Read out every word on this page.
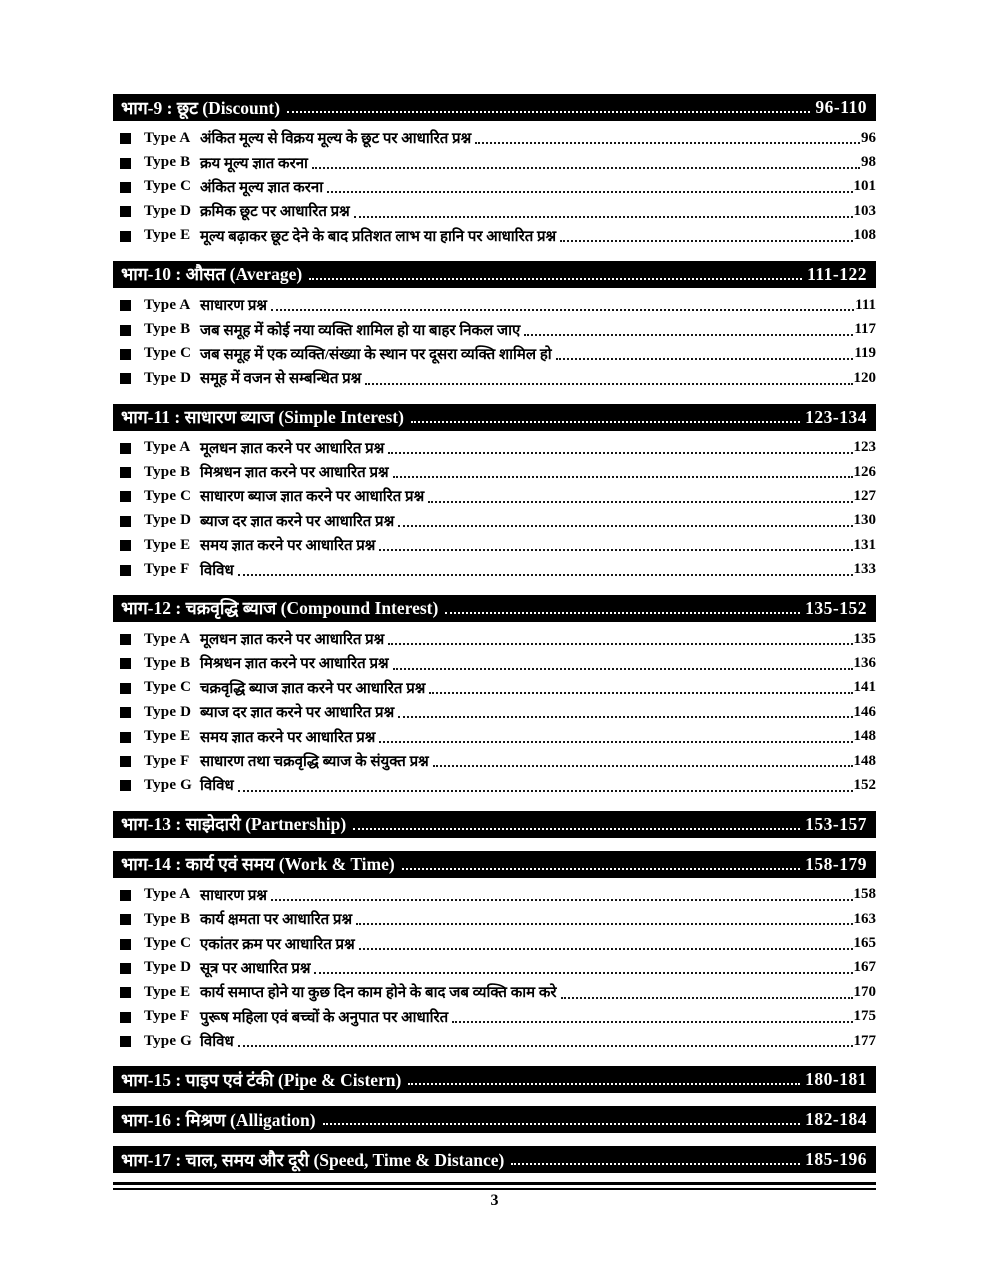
भाग-9 : छूट (Discount)	96-110
Type A अंकित मूल्य से विक्रय मूल्य के छूट पर आधारित प्रश्न	96
Type B क्रय मूल्य ज्ञात करना	98
Type C अंकित मूल्य ज्ञात करना	101
Type D क्रमिक छूट पर आधारित प्रश्न	103
Type E मूल्य बढ़ाकर छूट देने के बाद प्रतिशत लाभ या हानि पर आधारित प्रश्न	108
भाग-10 : औसत (Average)	111-122
Type A साधारण प्रश्न	111
Type B जब समूह में कोई नया व्यक्ति शामिल हो या बाहर निकल जाए	117
Type C जब समूह में एक व्यक्ति/संख्या के स्थान पर दूसरा व्यक्ति शामिल हो	119
Type D समूह में वजन से सम्बन्धित प्रश्न	120
भाग-11 : साधारण ब्याज (Simple Interest)	123-134
Type A मूलधन ज्ञात करने पर आधारित प्रश्न	123
Type B मिश्रधन ज्ञात करने पर आधारित प्रश्न	126
Type C साधारण ब्याज ज्ञात करने पर आधारित प्रश्न	127
Type D ब्याज दर ज्ञात करने पर आधारित प्रश्न	130
Type E समय ज्ञात करने पर आधारित प्रश्न	131
Type F विविध	133
भाग-12 : चक्रवृद्धि ब्याज (Compound Interest)	135-152
Type A मूलधन ज्ञात करने पर आधारित प्रश्न	135
Type B मिश्रधन ज्ञात करने पर आधारित प्रश्न	136
Type C चक्रवृद्धि ब्याज ज्ञात करने पर आधारित प्रश्न	141
Type D ब्याज दर ज्ञात करने पर आधारित प्रश्न	146
Type E समय ज्ञात करने पर आधारित प्रश्न	148
Type F साधारण तथा चक्रवृद्धि ब्याज के संयुक्त प्रश्न	148
Type G विविध	152
भाग-13 : साझेदारी (Partnership)	153-157
भाग-14 : कार्य एवं समय (Work & Time)	158-179
Type A साधारण प्रश्न	158
Type B कार्य क्षमता पर आधारित प्रश्न	163
Type C एकांतर क्रम पर आधारित प्रश्न	165
Type D सूत्र पर आधारित प्रश्न	167
Type E कार्य समाप्त होने या कुछ दिन काम होने के बाद जब व्यक्ति काम करे	170
Type F पुरूष महिला एवं बच्चों के अनुपात पर आधारित	175
Type G विविध	177
भाग-15 : पाइप एवं टंकी (Pipe & Cistern)	180-181
भाग-16 : मिश्रण (Alligation)	182-184
भाग-17 : चाल, समय और दूरी (Speed, Time & Distance)	185-196
3
